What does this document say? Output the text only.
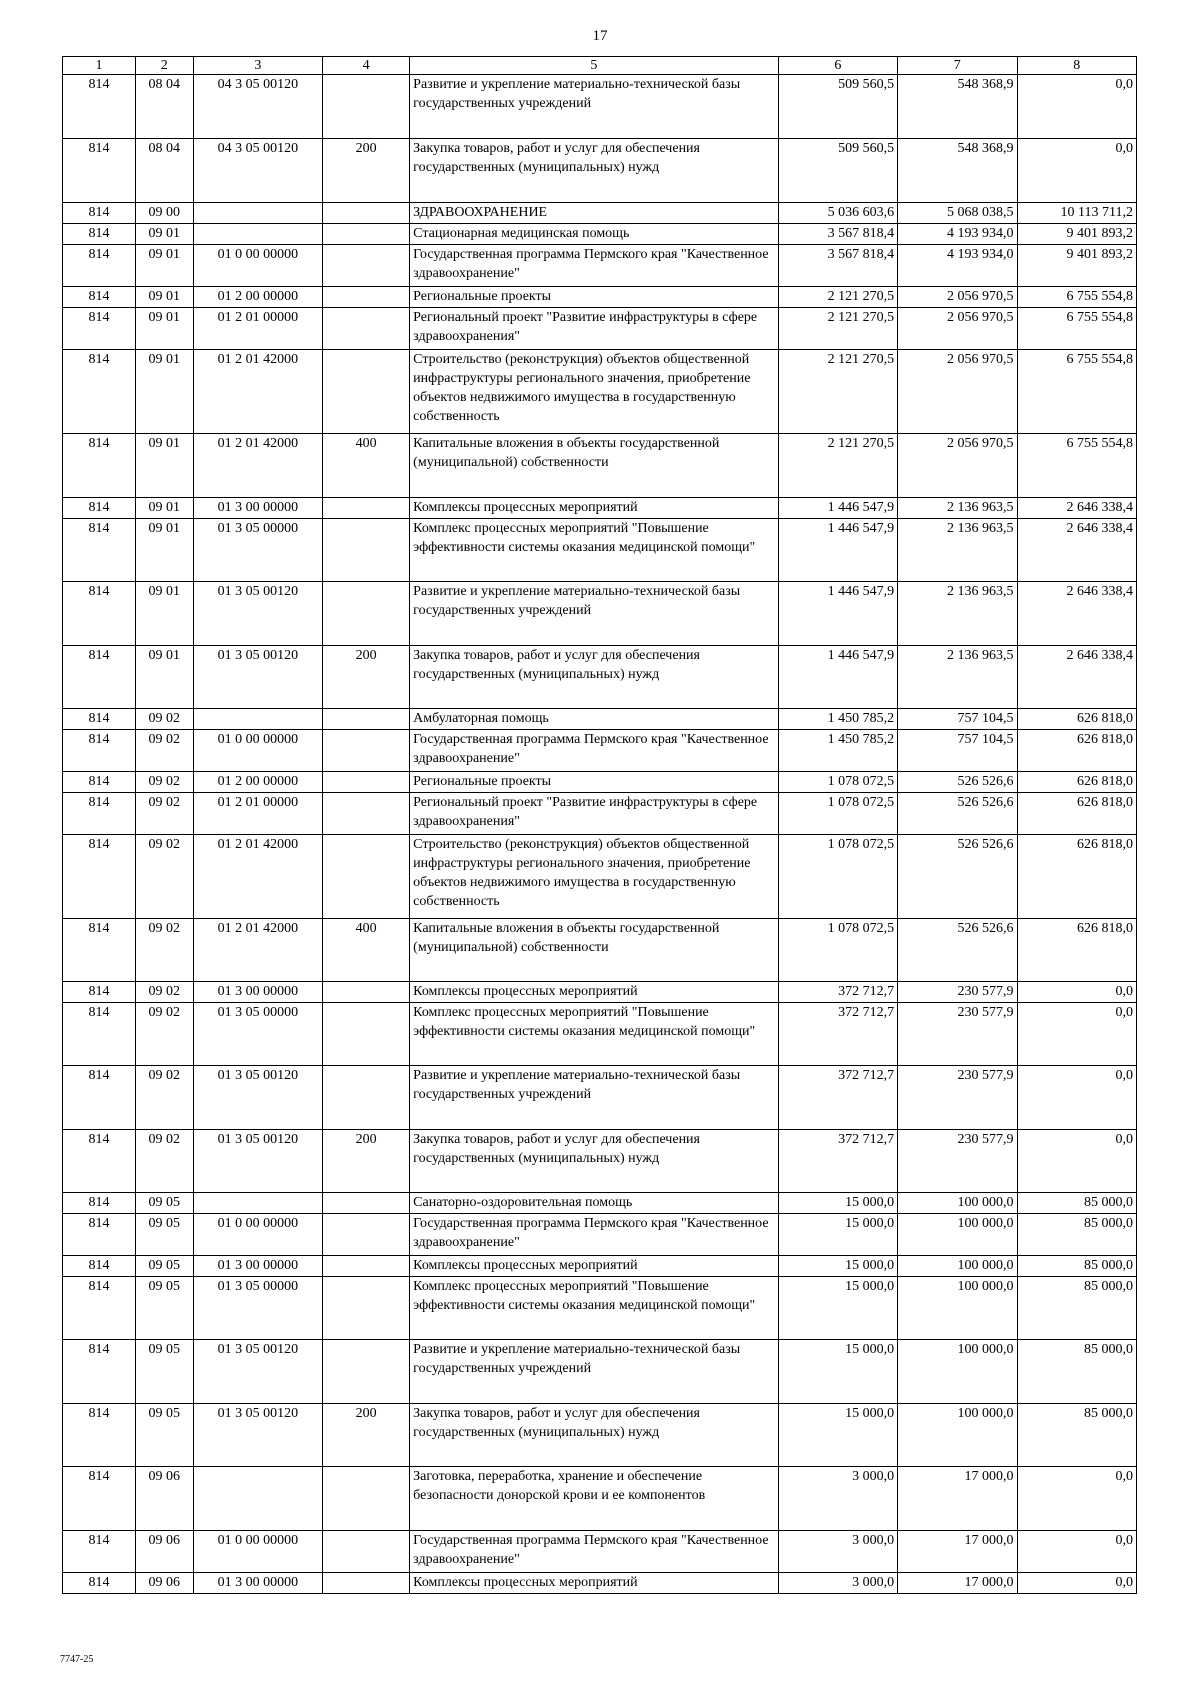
17
1	2	3	4	5	6	7	8
814	08 04	04 3 05 00120		Развитие и укрепление материально-технической базы государственных учреждений	509 560,5	548 368,9	0,0
814	08 04	04 3 05 00120	200	Закупка товаров, работ и услуг для обеспечения государственных (муниципальных) нужд	509 560,5	548 368,9	0,0
814	09 00			ЗДРАВООХРАНЕНИЕ	5 036 603,6	5 068 038,5	10 113 711,2
814	09 01			Стационарная медицинская помощь	3 567 818,4	4 193 934,0	9 401 893,2
814	09 01	01 0 00 00000		Государственная программа Пермского края "Качественное здравоохранение"	3 567 818,4	4 193 934,0	9 401 893,2
814	09 01	01 2 00 00000		Региональные проекты	2 121 270,5	2 056 970,5	6 755 554,8
814	09 01	01 2 01 00000		Региональный проект "Развитие инфраструктуры в сфере здравоохранения"	2 121 270,5	2 056 970,5	6 755 554,8
814	09 01	01 2 01 42000		Строительство (реконструкция) объектов общественной инфраструктуры регионального значения, приобретение объектов недвижимого имущества в государственную собственность	2 121 270,5	2 056 970,5	6 755 554,8
814	09 01	01 2 01 42000	400	Капитальные вложения в объекты государственной (муниципальной) собственности	2 121 270,5	2 056 970,5	6 755 554,8
814	09 01	01 3 00 00000		Комплексы процессных мероприятий	1 446 547,9	2 136 963,5	2 646 338,4
814	09 01	01 3 05 00000		Комплекс процессных мероприятий "Повышение эффективности системы оказания медицинской помощи"	1 446 547,9	2 136 963,5	2 646 338,4
814	09 01	01 3 05 00120		Развитие и укрепление материально-технической базы государственных учреждений	1 446 547,9	2 136 963,5	2 646 338,4
814	09 01	01 3 05 00120	200	Закупка товаров, работ и услуг для обеспечения государственных (муниципальных) нужд	1 446 547,9	2 136 963,5	2 646 338,4
814	09 02			Амбулаторная помощь	1 450 785,2	757 104,5	626 818,0
814	09 02	01 0 00 00000		Государственная программа Пермского края "Качественное здравоохранение"	1 450 785,2	757 104,5	626 818,0
814	09 02	01 2 00 00000		Региональные проекты	1 078 072,5	526 526,6	626 818,0
814	09 02	01 2 01 00000		Региональный проект "Развитие инфраструктуры в сфере здравоохранения"	1 078 072,5	526 526,6	626 818,0
814	09 02	01 2 01 42000		Строительство (реконструкция) объектов общественной инфраструктуры регионального значения, приобретение объектов недвижимого имущества в государственную собственность	1 078 072,5	526 526,6	626 818,0
814	09 02	01 2 01 42000	400	Капитальные вложения в объекты государственной (муниципальной) собственности	1 078 072,5	526 526,6	626 818,0
814	09 02	01 3 00 00000		Комплексы процессных мероприятий	372 712,7	230 577,9	0,0
814	09 02	01 3 05 00000		Комплекс процессных мероприятий "Повышение эффективности системы оказания медицинской помощи"	372 712,7	230 577,9	0,0
814	09 02	01 3 05 00120		Развитие и укрепление материально-технической базы государственных учреждений	372 712,7	230 577,9	0,0
814	09 02	01 3 05 00120	200	Закупка товаров, работ и услуг для обеспечения государственных (муниципальных) нужд	372 712,7	230 577,9	0,0
814	09 05			Санаторно-оздоровительная помощь	15 000,0	100 000,0	85 000,0
814	09 05	01 0 00 00000		Государственная программа Пермского края "Качественное здравоохранение"	15 000,0	100 000,0	85 000,0
814	09 05	01 3 00 00000		Комплексы процессных мероприятий	15 000,0	100 000,0	85 000,0
814	09 05	01 3 05 00000		Комплекс процессных мероприятий "Повышение эффективности системы оказания медицинской помощи"	15 000,0	100 000,0	85 000,0
814	09 05	01 3 05 00120		Развитие и укрепление материально-технической базы государственных учреждений	15 000,0	100 000,0	85 000,0
814	09 05	01 3 05 00120	200	Закупка товаров, работ и услуг для обеспечения государственных (муниципальных) нужд	15 000,0	100 000,0	85 000,0
814	09 06			Заготовка, переработка, хранение и обеспечение безопасности донорской крови и ее компонентов	3 000,0	17 000,0	0,0
814	09 06	01 0 00 00000		Государственная программа Пермского края "Качественное здравоохранение"	3 000,0	17 000,0	0,0
814	09 06	01 3 00 00000		Комплексы процессных мероприятий	3 000,0	17 000,0	0,0
7747-25
